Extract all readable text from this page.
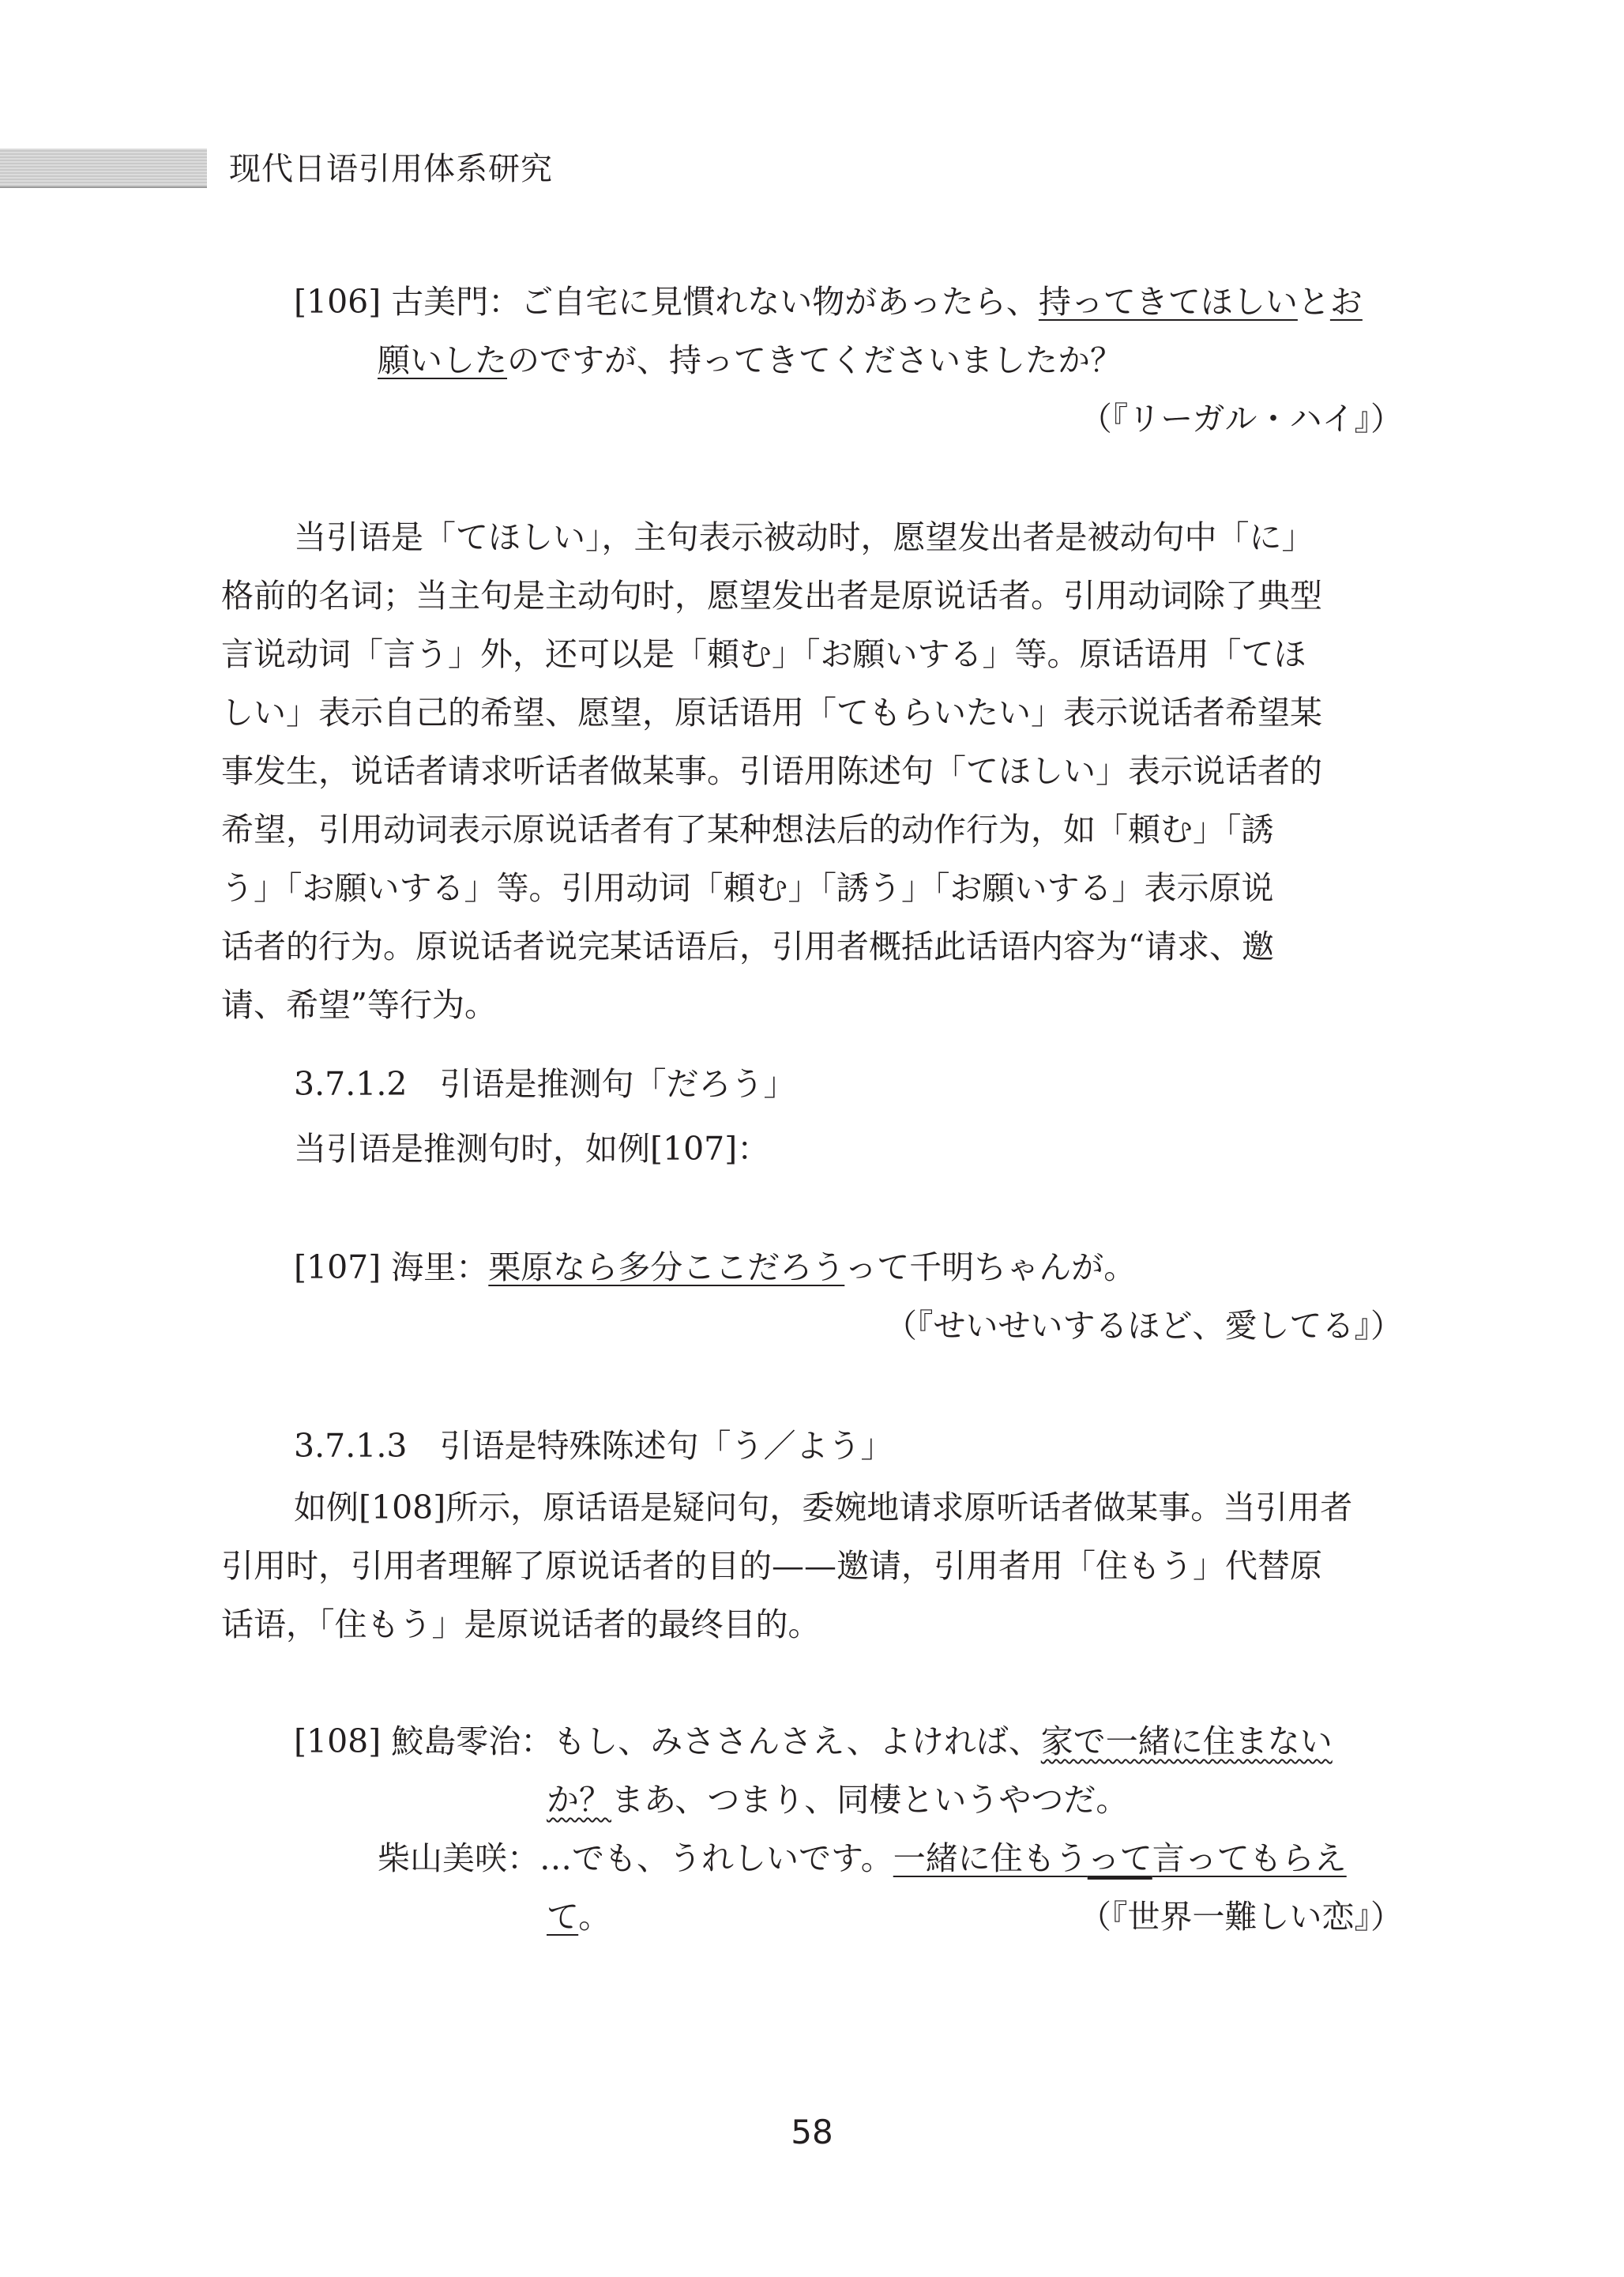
现代日语引用体系研究
[106] 古美門：ご自宅に見慣れない物があったら、持ってきてほしいとお
願いしたのですが、持ってきてくださいましたか？
（『リーガル・ハイ』）
当引语是「てほしい」，主句表示被动时，愿望发出者是被动句中「に」
格前的名词；当主句是主动句时，愿望发出者是原说话者。引用动词除了典型
言说动词「言う」外，还可以是「頼む」「お願いする」等。原话语用「てほ
しい」表示自己的希望、愿望，原话语用「てもらいたい」表示说话者希望某
事发生，说话者请求听话者做某事。引语用陈述句「てほしい」表示说话者的
希望，引用动词表示原说话者有了某种想法后的动作行为，如「頼む」「誘
う」「お願いする」等。引用动词「頼む」「誘う」「お願いする」表示原说
话者的行为。原说话者说完某话语后，引用者概括此话语内容为“请求、邀
请、希望”等行为。
3.7.1.2　引语是推测句「だろう」
当引语是推测句时，如例[107]：
[107] 海里：栗原なら多分ここだろうって千明ちゃんが。
（『せいせいするほど、愛してる』）
3.7.1.3　引语是特殊陈述句「う／よう」
如例[108]所示，原话语是疑问句，委婉地请求原听话者做某事。当引用者
引用时，引用者理解了原说话者的目的——邀请，引用者用「住もう」代替原
话语，「住もう」是原说话者的最终目的。
[108] 鮫島零治：もし、みささんさえ、よければ、家で一緒に住まない
か？まあ、つまり、同棲というやつだ。
柴山美咲：…でも、うれしいです。一緒に住もうって言ってもらえ
て。	（『世界一難しい恋』）
58
